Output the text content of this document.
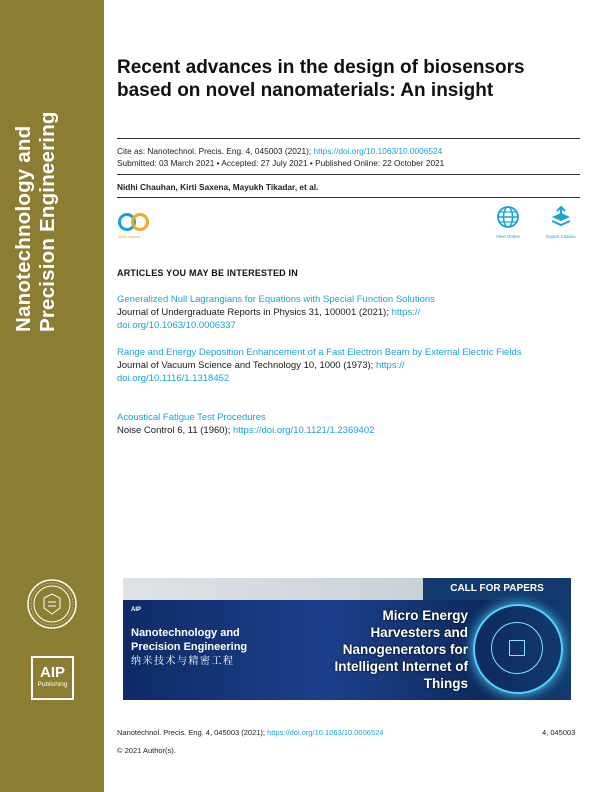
Nanotechnology and Precision Engineering
AIP
Publishing
Recent advances in the design of biosensors based on novel nanomaterials: An insight
Cite as: Nanotechnol. Precis. Eng. 4, 045003 (2021); https://doi.org/10.1063/10.0006524
Submitted: 03 March 2021 • Accepted: 27 July 2021 • Published Online: 22 October 2021
Nidhi Chauhan, Kirti Saxena, Mayukh Tikadar, et al.
open access	View Online	Export Citation
ARTICLES YOU MAY BE INTERESTED IN
Generalized Null Lagrangians for Equations with Special Function Solutions
Journal of Undergraduate Reports in Physics 31, 100001 (2021); https://
doi.org/10.1063/10.0006337
Range and Energy Deposition Enhancement of a Fast Electron Beam by External Electric Fields
Journal of Vacuum Science and Technology 10, 1000 (1973); https://
doi.org/10.1116/1.1318452
Acoustical Fatigue Test Procedures
Noise Control 6, 11 (1960); https://doi.org/10.1121/1.2369402
CALL FOR PAPERS
AIP
Nanotechnology and
Precision Engineering
纳米技术与精密工程
Micro Energy Harvesters and Nanogenerators for Intelligent Internet of Things
Nanotechnol. Precis. Eng. 4, 045003 (2021); https://doi.org/10.1063/10.0006524	4, 045003
© 2021 Author(s).
